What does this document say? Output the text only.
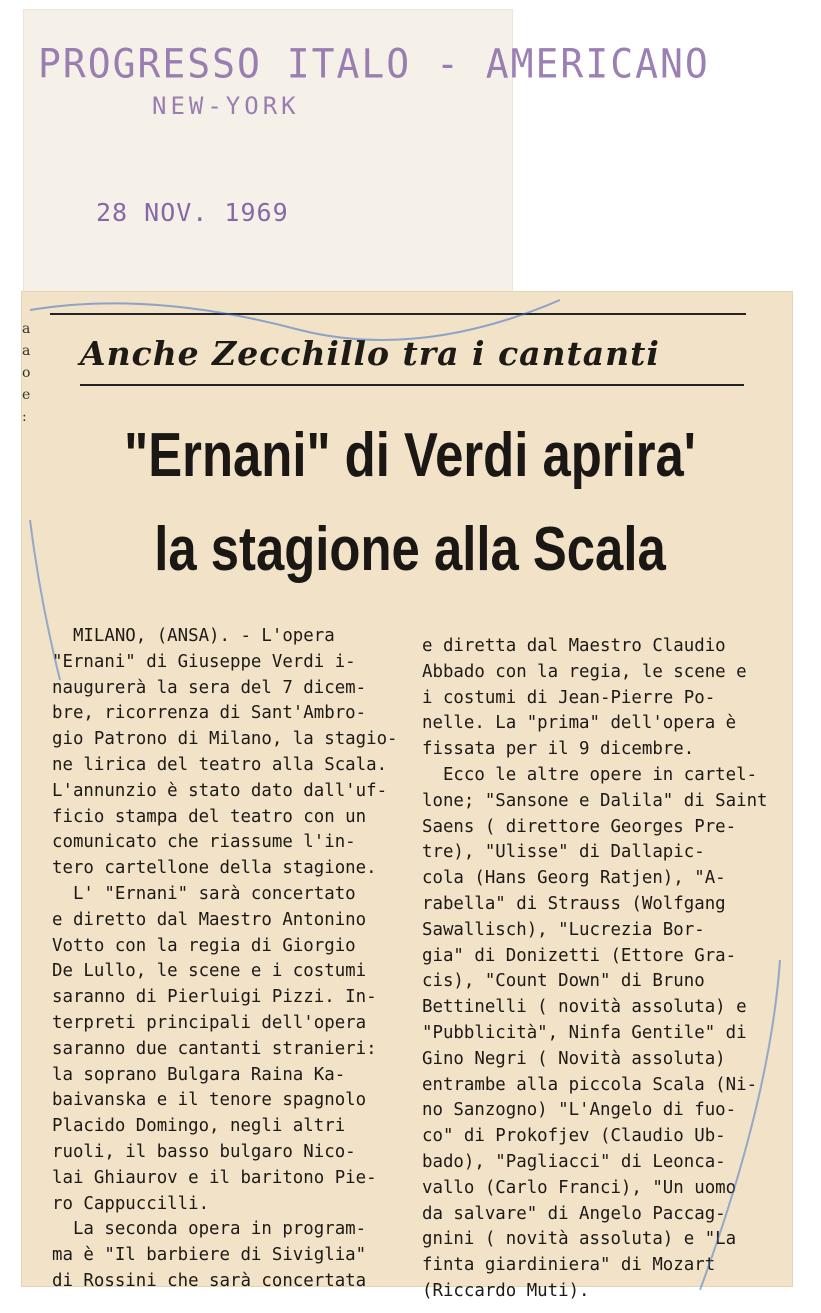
PROGRESSO ITALO - AMERICANO
NEW-YORK
28 NOV. 1969
a
a
o
e
:
Anche Zecchillo tra i cantanti
"Ernani" di Verdi aprira'
la stagione alla Scala

MILANO, (ANSA). - L'opera

"Ernani" di Giuseppe Verdi i-

naugurerà la sera del 7 dicem-

bre, ricorrenza di Sant'Ambro-

gio Patrono di Milano, la stagio-

ne lirica del teatro alla Scala.

L'annunzio è stato dato dall'uf-

ficio stampa del teatro con un

comunicato che riassume l'in-

tero cartellone della stagione.

L' "Ernani" sarà concertato

e diretto dal Maestro Antonino

Votto con la regia di Giorgio

De Lullo, le scene e i costumi

saranno di Pierluigi Pizzi. In-

terpreti principali dell'opera

saranno due cantanti stranieri:

la soprano Bulgara Raina Ka-

baivanska e il tenore spagnolo

Placido Domingo, negli altri

ruoli, il basso bulgaro Nico-

lai Ghiaurov e il baritono Pie-

ro Cappuccilli.

La seconda opera in program-

ma è "Il barbiere di Siviglia"

di Rossini che sarà concertata

e diretta dal Maestro Claudio

Abbado con la regia, le scene e

i costumi di Jean-Pierre Po-

nelle. La "prima" dell'opera è

fissata per il 9 dicembre.

Ecco le altre opere in cartel-

lone; "Sansone e Dalila" di Saint

Saens ( direttore Georges Pre-

tre), "Ulisse" di Dallapic-

cola (Hans Georg Ratjen), "A-

rabella" di Strauss (Wolfgang

Sawallisch), "Lucrezia Bor-

gia" di Donizetti (Ettore Gra-

cis), "Count Down" di Bruno

Bettinelli ( novità assoluta) e

"Pubblicità", Ninfa Gentile" di

Gino Negri ( Novità assoluta)

entrambe alla piccola Scala (Ni-

no Sanzogno) "L'Angelo di fuo-

co" di Prokofjev (Claudio Ub-

bado), "Pagliacci" di Leonca-

vallo (Carlo Franci), "Un uomo

da salvare" di Angelo Paccag-

gnini ( novità assoluta) e "La

finta giardiniera" di Mozart

(Riccardo Muti).
